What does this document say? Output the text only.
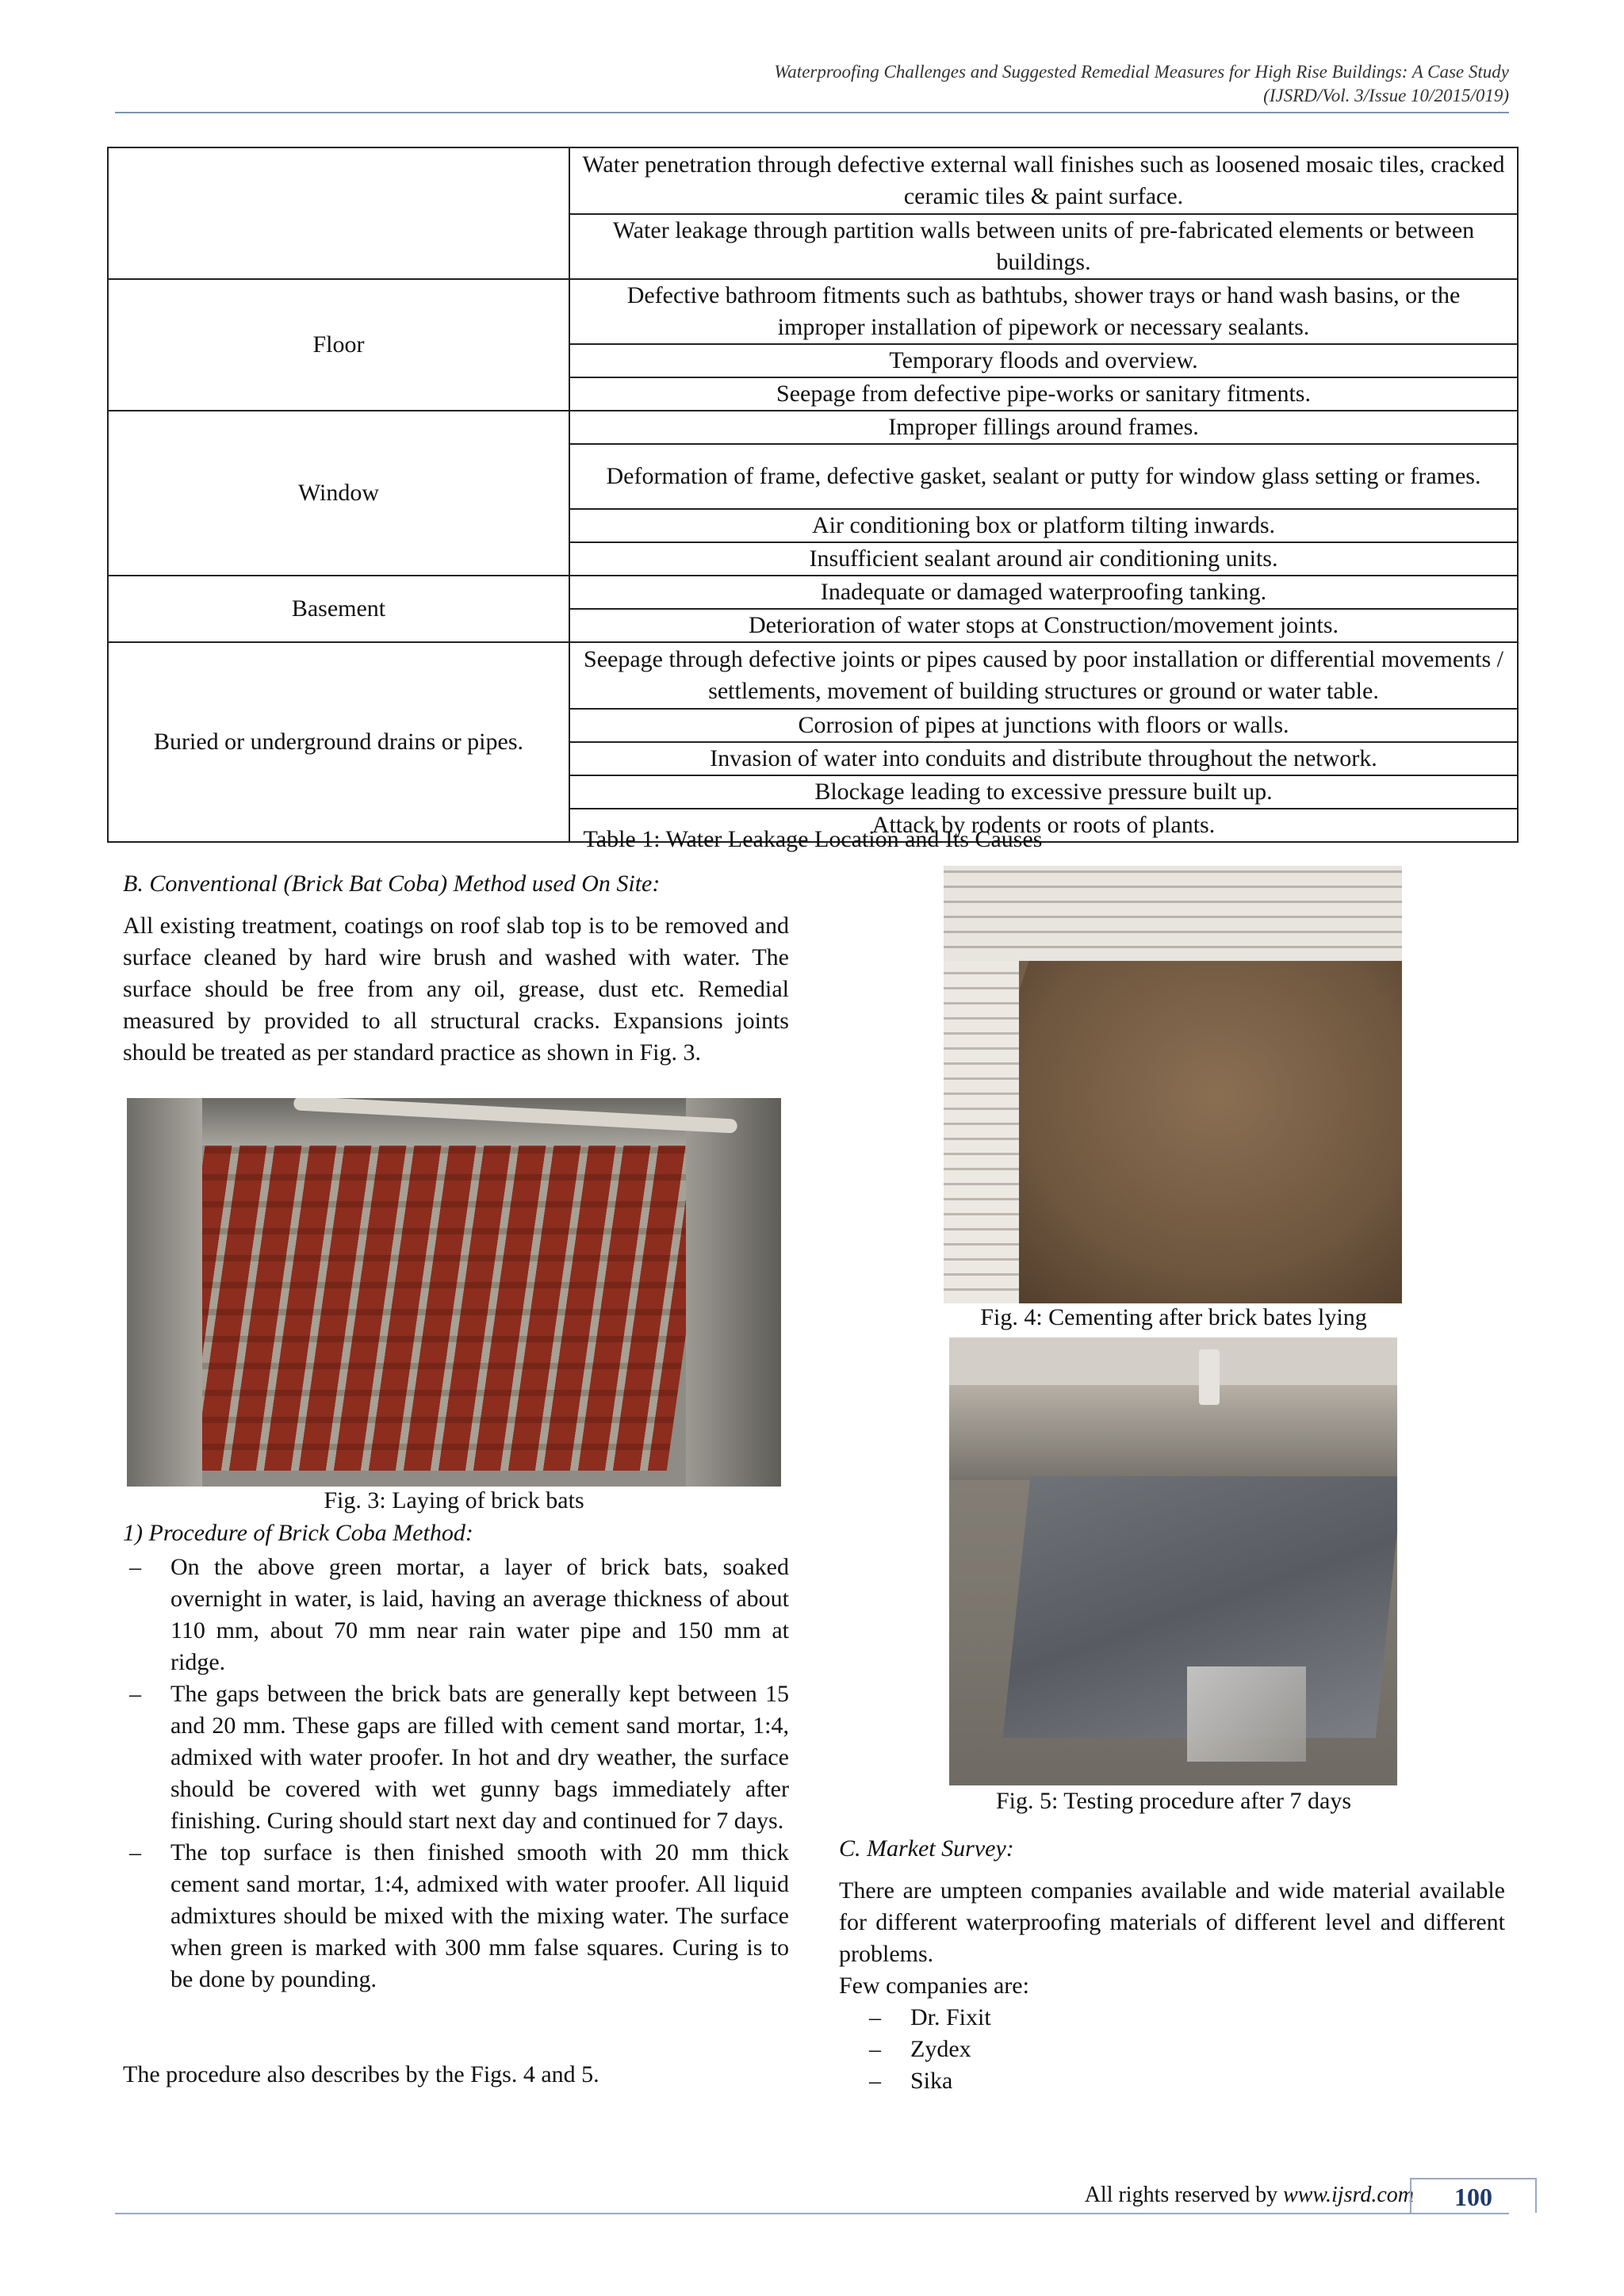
Waterproofing Challenges and Suggested Remedial Measures for High Rise Buildings: A Case Study
(IJSRD/Vol. 3/Issue 10/2015/019)
	Water penetration through defective external wall finishes such as loosened mosaic tiles, cracked ceramic tiles & paint surface.
	Water leakage through partition walls between units of pre-fabricated elements or between buildings.
Floor	Defective bathroom fitments such as bathtubs, shower trays or hand wash basins, or the improper installation of pipework or necessary sealants.
	Temporary floods and overview.
	Seepage from defective pipe-works or sanitary fitments.
Window	Improper fillings around frames.
	Deformation of frame, defective gasket, sealant or putty for window glass setting or frames.
	Air conditioning box or platform tilting inwards.
	Insufficient sealant around air conditioning units.
Basement	Inadequate or damaged waterproofing tanking.
	Deterioration of water stops at Construction/movement joints.
Buried or underground drains or pipes.	Seepage through defective joints or pipes caused by poor installation or differential movements / settlements, movement of building structures or ground or water table.
	Corrosion of pipes at junctions with floors or walls.
	Invasion of water into conduits and distribute throughout the network.
	Blockage leading to excessive pressure built up.
	Attack by rodents or roots of plants.
Table 1: Water Leakage Location and Its Causes
B. Conventional (Brick Bat Coba) Method used On Site:
All existing treatment, coatings on roof slab top is to be removed and surface cleaned by hard wire brush and washed with water. The surface should be free from any oil, grease, dust etc. Remedial measured by provided to all structural cracks. Expansions joints should be treated as per standard practice as shown in Fig. 3.
Fig. 3: Laying of brick bats
1) Procedure of Brick Coba Method:
– On the above green mortar, a layer of brick bats, soaked overnight in water, is laid, having an average thickness of about 110 mm, about 70 mm near rain water pipe and 150 mm at ridge.
– The gaps between the brick bats are generally kept between 15 and 20 mm. These gaps are filled with cement sand mortar, 1:4, admixed with water proofer. In hot and dry weather, the surface should be covered with wet gunny bags immediately after finishing. Curing should start next day and continued for 7 days.
– The top surface is then finished smooth with 20 mm thick cement sand mortar, 1:4, admixed with water proofer. All liquid admixtures should be mixed with the mixing water. The surface when green is marked with 300 mm false squares. Curing is to be done by pounding.
The procedure also describes by the Figs. 4 and 5.
Fig. 4: Cementing after brick bates lying
Fig. 5: Testing procedure after 7 days
C. Market Survey:
There are umpteen companies available and wide material available for different waterproofing materials of different level and different problems.
Few companies are:
– Dr. Fixit
– Zydex
– Sika
All rights reserved by www.ijsrd.com	100
